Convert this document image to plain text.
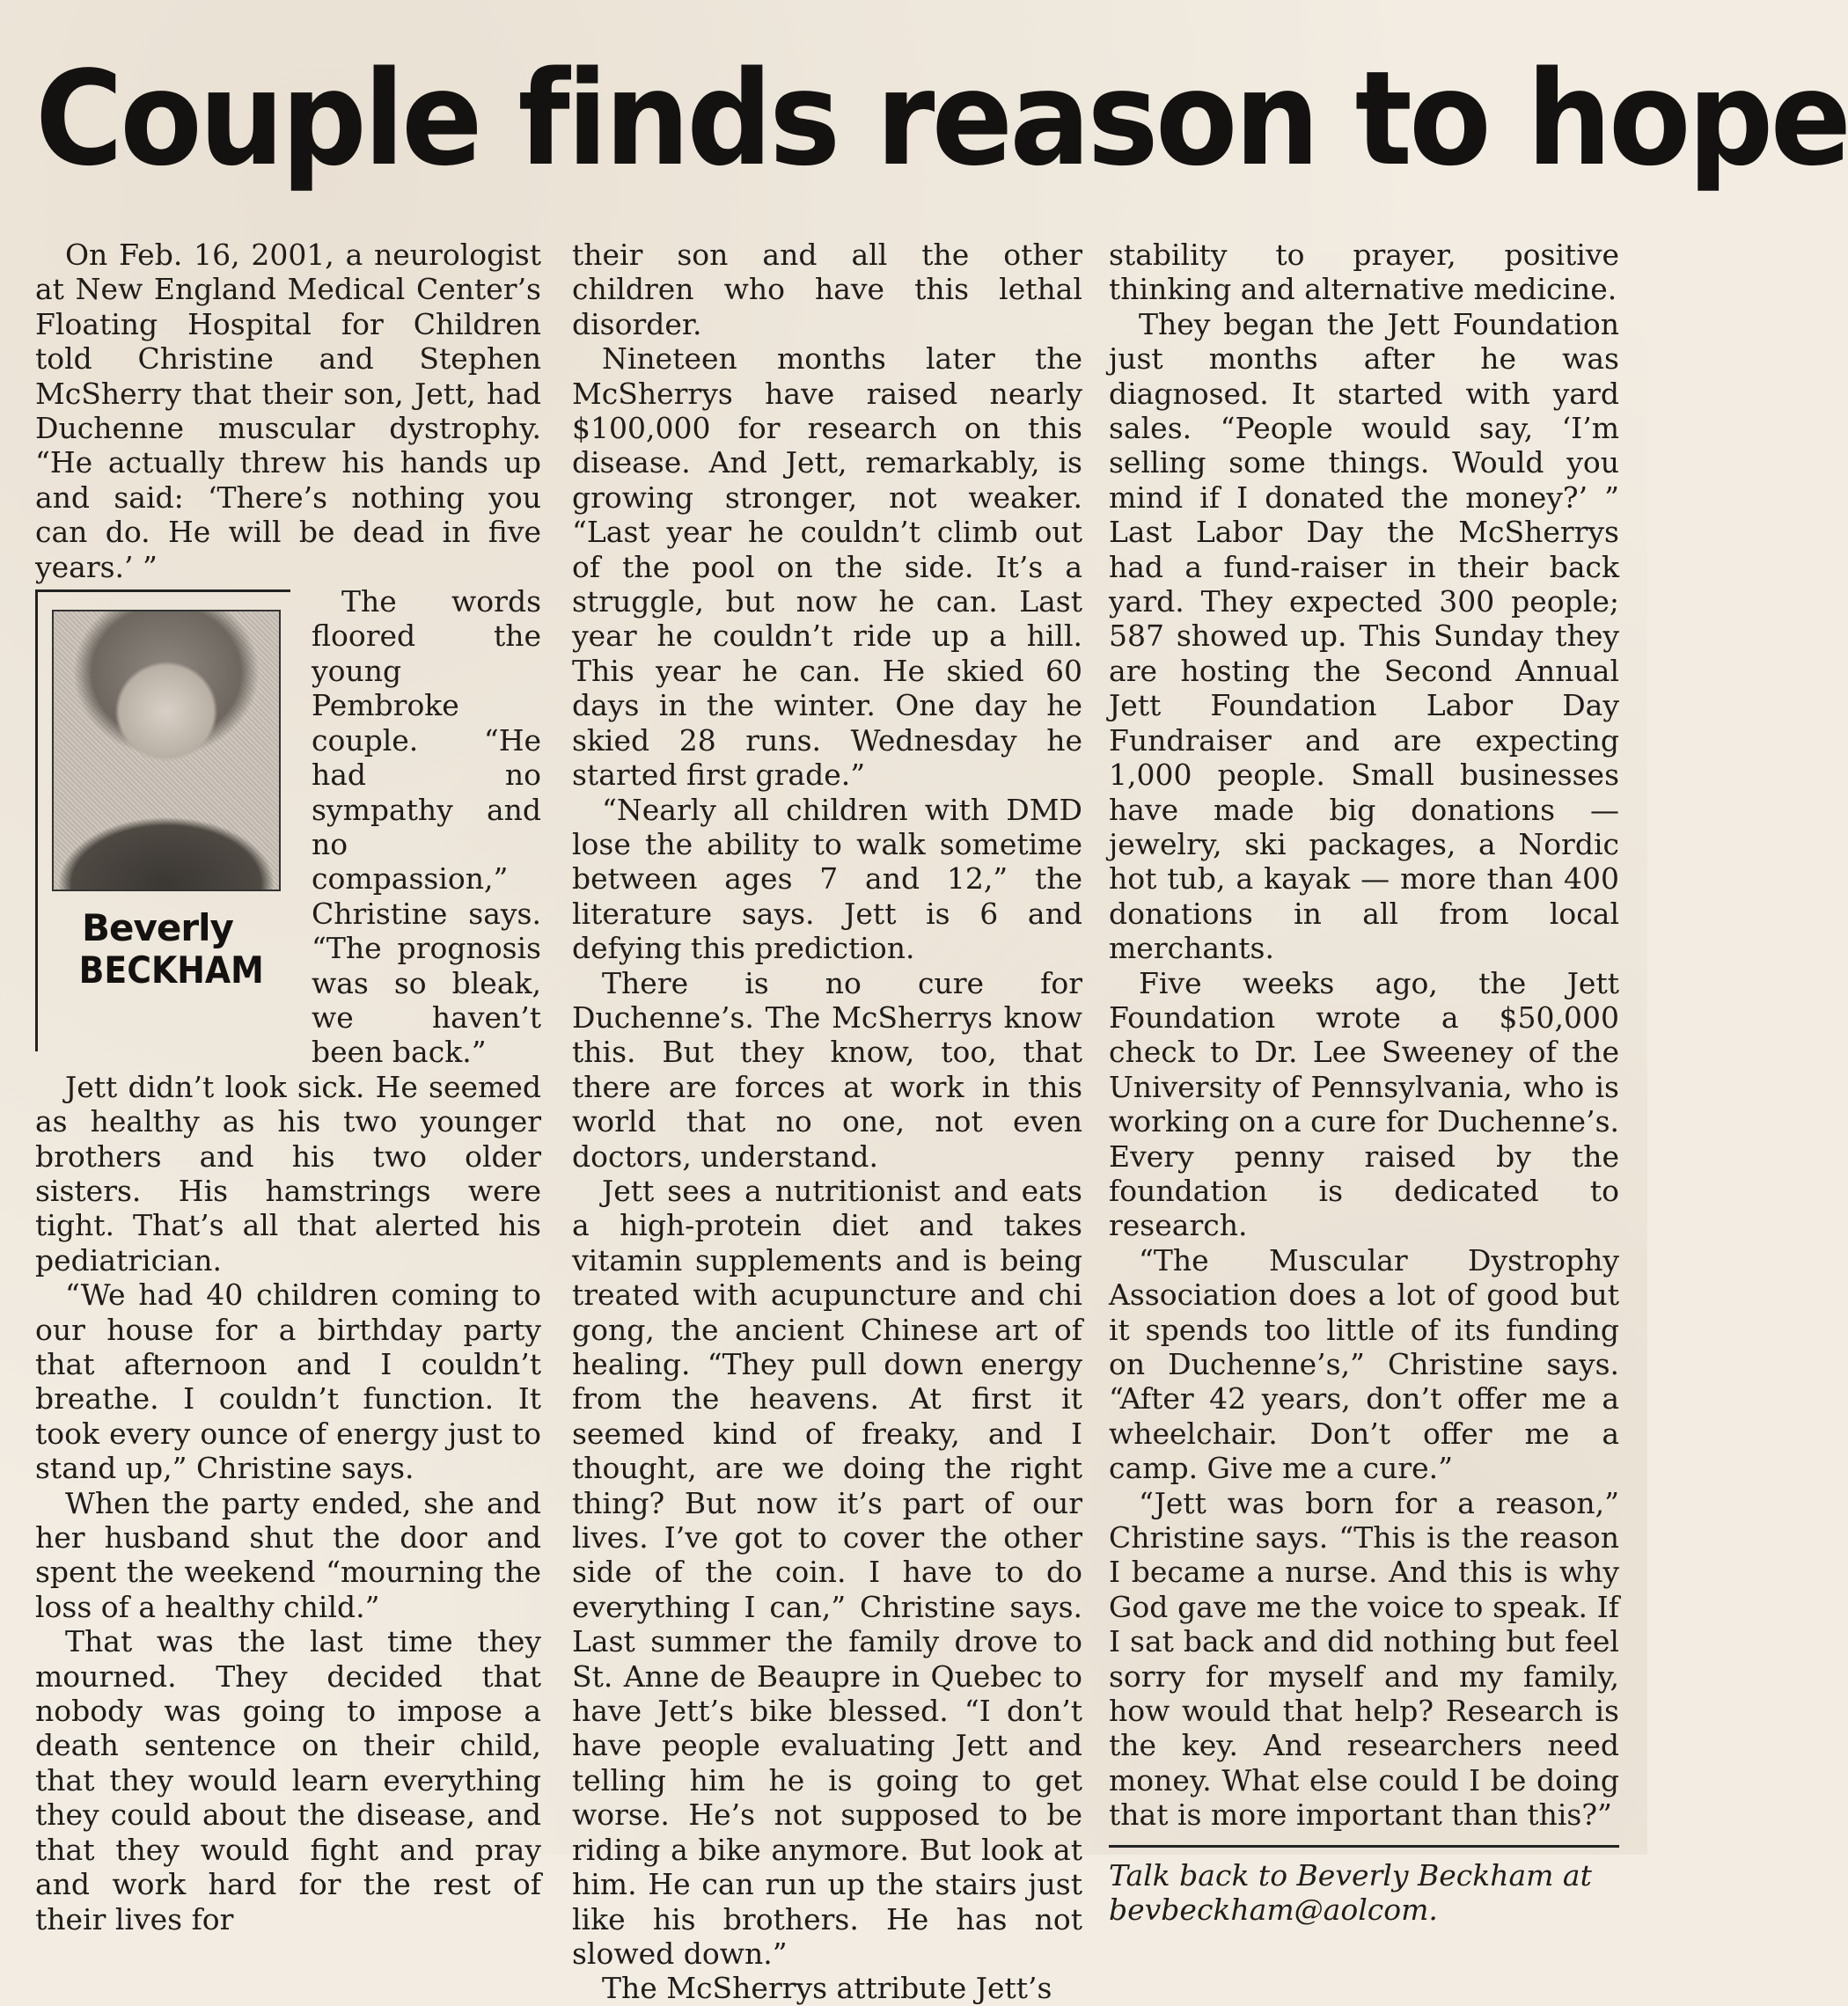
Couple finds reason to hope

On Feb. 16, 2001, a neurologist at New England Medical Center’s Floating Hospital for Children told Christine and Stephen McSherry that their son, Jett, had Duchenne muscular dystrophy. “He actually threw his hands up and said: ‘There’s nothing you can do. He will be dead in five years.’ ”

Beverly
BECKHAM
The words floored the young Pembroke couple. “He had no sympathy and no compassion,” Christine says. “The prognosis was so bleak, we haven’t been back.”

Jett didn’t look sick. He seemed as healthy as his two younger brothers and his two older sisters. His hamstrings were tight. That’s all that alerted his pediatrician.

“We had 40 children coming to our house for a birthday party that afternoon and I couldn’t breathe. I couldn’t function. It took every ounce of energy just to stand up,” Christine says.

When the party ended, she and her husband shut the door and spent the weekend “mourning the loss of a healthy child.”

That was the last time they mourned. They decided that nobody was going to impose a death sentence on their child, that they would learn everything they could about the disease, and that they would fight and pray and work hard for the rest of their lives for

their son and all the other children who have this lethal disorder.

Nineteen months later the McSherrys have raised nearly $100,000 for research on this disease. And Jett, remarkably, is growing stronger, not weaker. “Last year he couldn’t climb out of the pool on the side. It’s a struggle, but now he can. Last year he couldn’t ride up a hill. This year he can. He skied 60 days in the winter. One day he skied 28 runs. Wednesday he started first grade.”

“Nearly all children with DMD lose the ability to walk sometime between ages 7 and 12,” the literature says. Jett is 6 and defying this prediction.

There is no cure for Duchenne’s. The McSherrys know this. But they know, too, that there are forces at work in this world that no one, not even doctors, understand.

Jett sees a nutritionist and eats a high-protein diet and takes vitamin supplements and is being treated with acupuncture and chi gong, the ancient Chinese art of healing. “They pull down energy from the heavens. At first it seemed kind of freaky, and I thought, are we doing the right thing? But now it’s part of our lives. I’ve got to cover the other side of the coin. I have to do everything I can,” Christine says. Last summer the family drove to St. Anne de Beaupre in Quebec to have Jett’s bike blessed. “I don’t have people evaluating Jett and telling him he is going to get worse. He’s not supposed to be riding a bike anymore. But look at him. He can run up the stairs just like his brothers. He has not slowed down.”

The McSherrys attribute Jett’s

stability to prayer, positive thinking and alternative medicine.

They began the Jett Foundation just months after he was diagnosed. It started with yard sales. “People would say, ‘I’m selling some things. Would you mind if I donated the money?’ ” Last Labor Day the McSherrys had a fund-raiser in their back yard. They expected 300 people; 587 showed up. This Sunday they are hosting the Second Annual Jett Foundation Labor Day Fundraiser and are expecting 1,000 people. Small businesses have made big donations — jewelry, ski packages, a Nordic hot tub, a kayak — more than 400 donations in all from local merchants.

Five weeks ago, the Jett Foundation wrote a $50,000 check to Dr. Lee Sweeney of the University of Pennsylvania, who is working on a cure for Duchenne’s. Every penny raised by the foundation is dedicated to research.

“The Muscular Dystrophy Association does a lot of good but it spends too little of its funding on Duchenne’s,” Christine says. “After 42 years, don’t offer me a wheelchair. Don’t offer me a camp. Give me a cure.”

“Jett was born for a reason,” Christine says. “This is the reason I became a nurse. And this is why God gave me the voice to speak. If I sat back and did nothing but feel sorry for myself and my family, how would that help? Research is the key. And researchers need money. What else could I be doing that is more important than this?”

Talk back to Beverly Beckham at bevbeckham@aolcom.
